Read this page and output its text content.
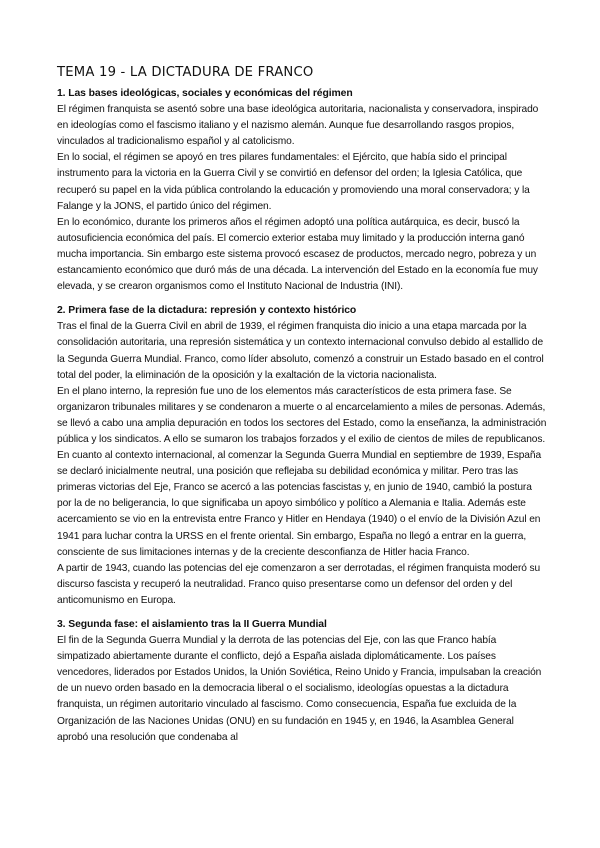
TEMA 19 - LA DICTADURA DE FRANCO
1. Las bases ideológicas, sociales y económicas del régimen

El régimen franquista se asentó sobre una base ideológica autoritaria, nacionalista y conservadora, inspirado en ideologías como el fascismo italiano y el nazismo alemán. Aunque fue desarrollando rasgos propios, vinculados al tradicionalismo español y al catolicismo.

En lo social, el régimen se apoyó en tres pilares fundamentales: el Ejército, que había sido el principal instrumento para la victoria en la Guerra Civil y se convirtió en defensor del orden; la Iglesia Católica, que recuperó su papel en la vida pública controlando la educación y promoviendo una moral conservadora; y la Falange y la JONS, el partido único del régimen.

En lo económico, durante los primeros años el régimen adoptó una política autárquica, es decir, buscó la autosuficiencia económica del país. El comercio exterior estaba muy limitado y la producción interna ganó mucha importancia. Sin embargo este sistema provocó escasez de productos, mercado negro, pobreza y un estancamiento económico que duró más de una década. La intervención del Estado en la economía fue muy elevada, y se crearon organismos como el Instituto Nacional de Industria (INI).

2. Primera fase de la dictadura: represión y contexto histórico

Tras el final de la Guerra Civil en abril de 1939, el régimen franquista dio inicio a una etapa marcada por la consolidación autoritaria, una represión sistemática y un contexto internacional convulso debido al estallido de la Segunda Guerra Mundial. Franco, como líder absoluto, comenzó a construir un Estado basado en el control total del poder, la eliminación de la oposición y la exaltación de la victoria nacionalista.

En el plano interno, la represión fue uno de los elementos más característicos de esta primera fase. Se organizaron tribunales militares y se condenaron a muerte o al encarcelamiento a miles de personas. Además, se llevó a cabo una amplia depuración en todos los sectores del Estado, como la enseñanza, la administración pública y los sindicatos. A ello se sumaron los trabajos forzados y el exilio de cientos de miles de republicanos.

En cuanto al contexto internacional, al comenzar la Segunda Guerra Mundial en septiembre de 1939, España se declaró inicialmente neutral, una posición que reflejaba su debilidad económica y militar. Pero tras las primeras victorias del Eje, Franco se acercó a las potencias fascistas y, en junio de 1940, cambió la postura por la de no beligerancia, lo que significaba un apoyo simbólico y político a Alemania e Italia. Además este acercamiento se vio en la entrevista entre Franco y Hitler en Hendaya (1940) o el envío de la División Azul en 1941 para luchar contra la URSS en el frente oriental. Sin embargo, España no llegó a entrar en la guerra, consciente de sus limitaciones internas y de la creciente desconfianza de Hitler hacia Franco.

A partir de 1943, cuando las potencias del eje comenzaron a ser derrotadas, el régimen franquista moderó su discurso fascista y recuperó la neutralidad. Franco quiso presentarse como un defensor del orden y del anticomunismo en Europa.

3. Segunda fase: el aislamiento tras la II Guerra Mundial

El fin de la Segunda Guerra Mundial y la derrota de las potencias del Eje, con las que Franco había simpatizado abiertamente durante el conflicto, dejó a España aislada diplomáticamente. Los países vencedores, liderados por Estados Unidos, la Unión Soviética, Reino Unido y Francia, impulsaban la creación de un nuevo orden basado en la democracia liberal o el socialismo, ideologías opuestas a la dictadura franquista, un régimen autoritario vinculado al fascismo. Como consecuencia, España fue excluida de la Organización de las Naciones Unidas (ONU) en su fundación en 1945 y, en 1946, la Asamblea General aprobó una resolución que condenaba al
